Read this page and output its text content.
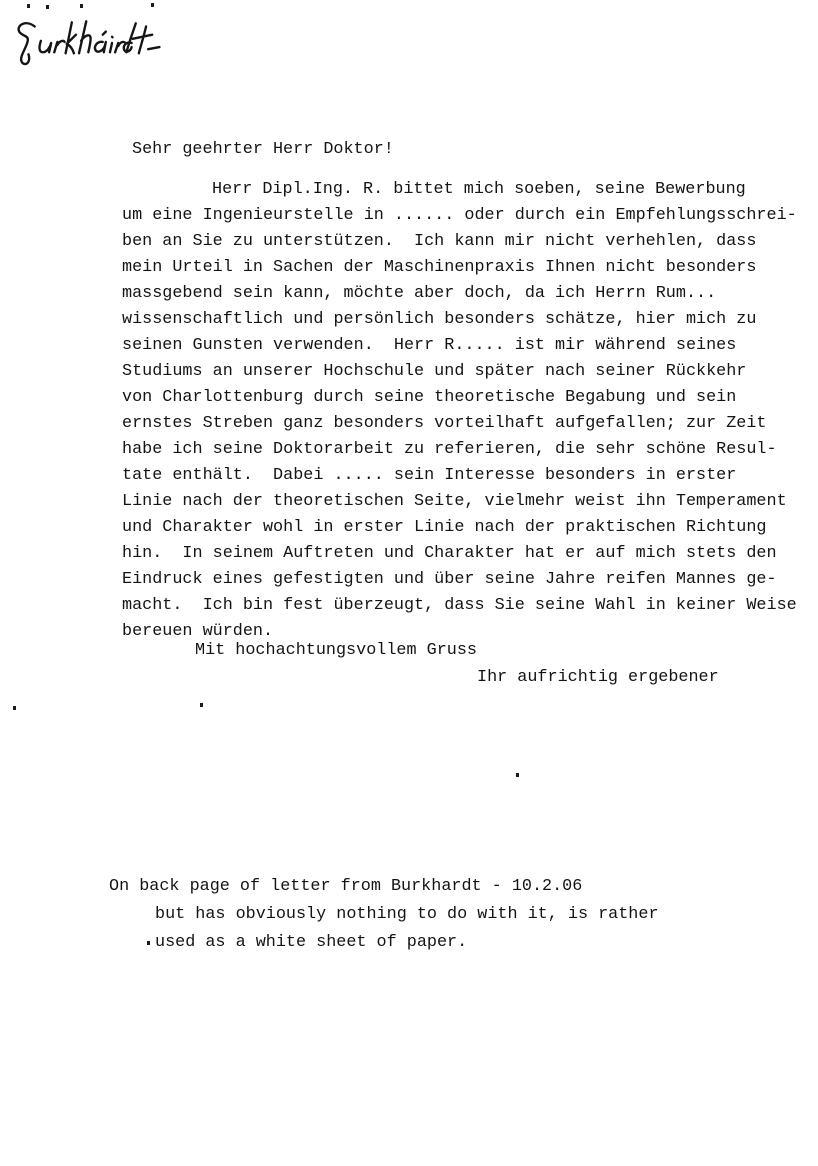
Sehr geehrter Herr Doktor!
Herr Dipl.Ing. R. bittet mich soeben, seine Bewerbung
um eine Ingenieurstelle in ...... oder durch ein Empfehlungsschrei-
ben an Sie zu unterstützen.  Ich kann mir nicht verhehlen, dass
mein Urteil in Sachen der Maschinenpraxis Ihnen nicht besonders
massgebend sein kann, möchte aber doch, da ich Herrn Rum...
wissenschaftlich und persönlich besonders schätze, hier mich zu
seinen Gunsten verwenden.  Herr R..... ist mir während seines
Studiums an unserer Hochschule und später nach seiner Rückkehr
von Charlottenburg durch seine theoretische Begabung und sein
ernstes Streben ganz besonders vorteilhaft aufgefallen; zur Zeit
habe ich seine Doktorarbeit zu referieren, die sehr schöne Resul-
tate enthält.  Dabei ..... sein Interesse besonders in erster
Linie nach der theoretischen Seite, vielmehr weist ihn Temperament
und Charakter wohl in erster Linie nach der praktischen Richtung
hin.  In seinem Auftreten und Charakter hat er auf mich stets den
Eindruck eines gefestigten und über seine Jahre reifen Mannes ge-
macht.  Ich bin fest überzeugt, dass Sie seine Wahl in keiner Weise
bereuen würden.
Mit hochachtungsvollem Gruss
Ihr aufrichtig ergebener
On back page of letter from Burkhardt - 10.2.06
but has obviously nothing to do with it, is rather
used as a white sheet of paper.
